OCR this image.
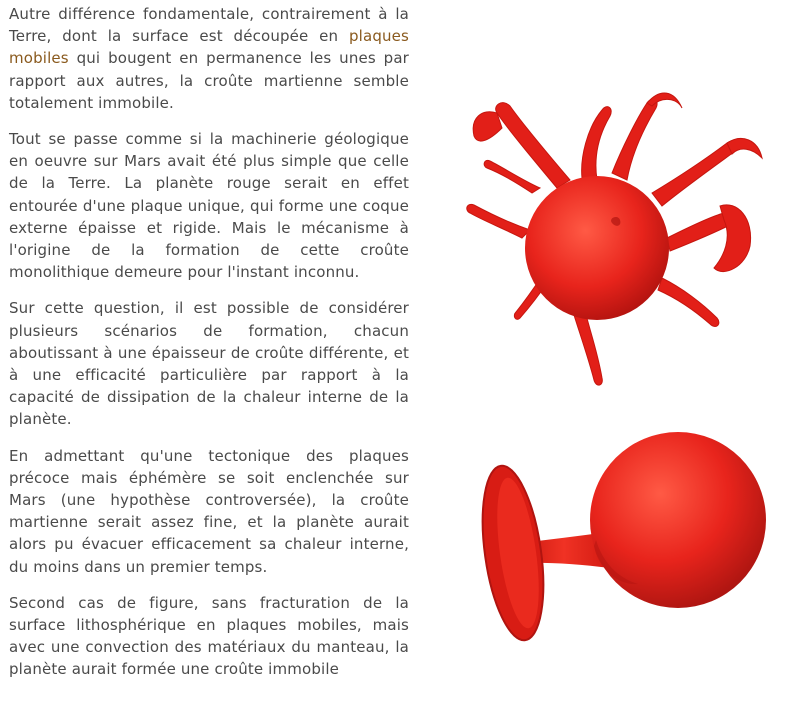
Autre différence fondamentale, contrairement à la Terre, dont la surface est découpée en plaques mobiles qui bougent en permanence les unes par rapport aux autres, la croûte martienne semble totalement immobile.

Tout se passe comme si la machinerie géologique en oeuvre sur Mars avait été plus simple que celle de la Terre. La planète rouge serait en effet entourée d'une plaque unique, qui forme une coque externe épaisse et rigide. Mais le mécanisme à l'origine de la formation de cette croûte monolithique demeure pour l'instant inconnu.

Sur cette question, il est possible de considérer plusieurs scénarios de formation, chacun aboutissant à une épaisseur de croûte différente, et à une efficacité particulière par rapport à la capacité de dissipation de la chaleur interne de la planète.

En admettant qu'une tectonique des plaques précoce mais éphémère se soit enclenchée sur Mars (une hypothèse controversée), la croûte martienne serait assez fine, et la planète aurait alors pu évacuer efficacement sa chaleur interne, du moins dans un premier temps.

Second cas de figure, sans fracturation de la surface lithosphérique en plaques mobiles, mais avec une convection des matériaux du manteau, la planète aurait formée une croûte immobile
